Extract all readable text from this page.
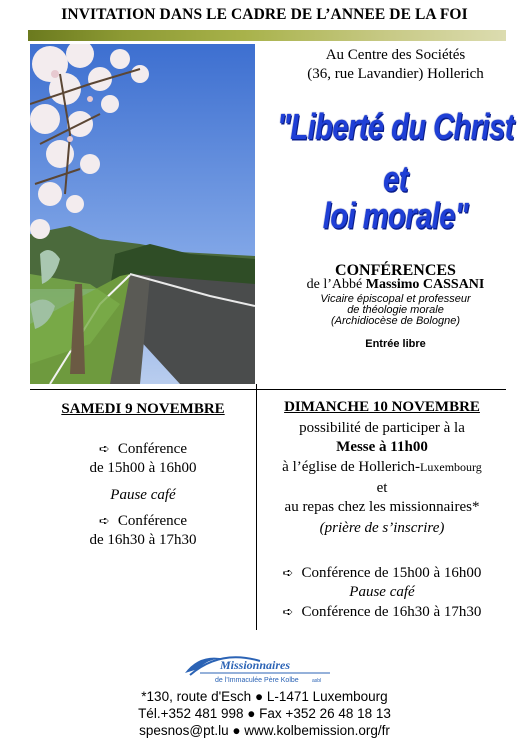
INVITATION DANS LE CADRE DE L’ANNEE DE LA FOI
Au Centre des Sociétés
(36, rue Lavandier) Hollerich
"Liberté du Christ
et
loi morale"
CONFÉRENCES
de l’Abbé Massimo CASSANI
Vicaire épiscopal et professeur
de théologie morale
(Archidiocèse de Bologne)
Entrée libre
SAMEDI 9 NOVEMBRE
➪ Conférence
de 15h00 à 16h00
Pause café
➪ Conférence
de 16h30 à 17h30
DIMANCHE 10 NOVEMBRE
possibilité de participer à la
Messe à 11h00
à l’église de Hollerich-Luxembourg
et
au repas chez les missionnaires*
(prière de s’inscrire)
➪ Conférence de 15h00 à 16h00
Pause café
➪ Conférence de 16h30 à 17h30
Missionnaires
de l’Immaculée Père Kolbe	asbl
*130, route d'Esch ● L-1471 Luxembourg
Tél.+352 481 998 ● Fax +352 26 48 18 13
spesnos@pt.lu ● www.kolbemission.org/fr
